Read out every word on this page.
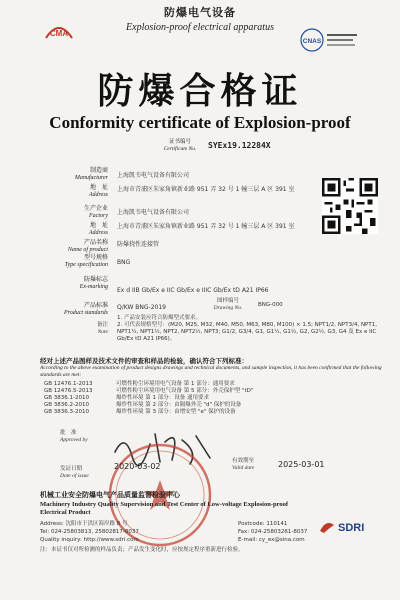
防爆电气设备
Explosion-proof electrical apparatus
CMA
CNAS
防爆合格证
Conformity certificate of Explosion-proof
证书编号
Certificate No.	SYEx19.12284X
制造商
Manufacturer 上海凯韦电气设备有限公司
地　址
Address
上海市青浦区朱家角镇新业路 951 弄 32 号 1 幢三层 A 区 391 室
生产企业
Factory 上海凯韦电气设备有限公司
地　址
Address
上海市青浦区朱家角镇新业路 951 弄 32 号 1 幢三层 A 区 391 室
产品名称
Name of product
防爆挠性连接管
型号规格
Type specification BNG
防爆标志
Ex-marking
Ex d IIB Gb/Ex e IIC Gb/Ex e IIIC Gb/Ex tD A21 IP66
产品标准
Product standards
Q/KW BNG-2019
图样编号
Drawing No.	BNG-000
备注
Note
1. 产品安装应符合防爆型式要求。
2. 可代表规格型号：(M20, M25, M32, M40, M50, M63, M80, M100) × 1.5; NPT1/2, NPT3/4, NPT1, NPT1¼, NPT1½, NPT2, NPT2½, NPT3; G1/2, G3/4, G1, G1¼, G1½, G2, G2½, G3, G4 及 Ex e IIC Gb/Ex tD A21 IP66)。
经对上述产品图样及技术文件的审查和样品的检验，确认符合下列标准：
According to the above examination of product designs drawings and technical documents, and sample inspection, it has been confirmed that the following standards are met:
GB 12476.1-2013	可燃性粉尘环境用电气设备 第 1 部分：通用要求
GB 12476.5-2013	可燃性粉尘环境用电气设备 第 5 部分：外壳保护型 "tD"
GB 3836.1-2010	爆炸性环境 第 1 部分：设备 通用要求
GB 3836.2-2010	爆炸性环境 第 2 部分：由隔爆外壳 "d" 保护的设备
GB 3836.3-2010	爆炸性环境 第 3 部分：由增安型 "e" 保护的设备
批　准
Approved by
发证日期
Date of issue
2020-03-02
有效期至
Valid date	2025-03-01
机械工业安全防爆电气产品质量监督检验中心
Machinery Industry Quality Supervision and Test Center of Low-voltage Explosion-proof Electrical Product
SDRI
Address: 沈阳市于洪区海岸路 8 号	Postcode: 110141
Tel: 024-25803813, 25802817-8037	Fax: 024-25803261-8037
Quality inquiry: http://www.sdri.com	E-mail: cy_ex@sina.com
注：本证书仅对所检测的样品负责；产品发生变化时，应按规定程序重新进行检验。
